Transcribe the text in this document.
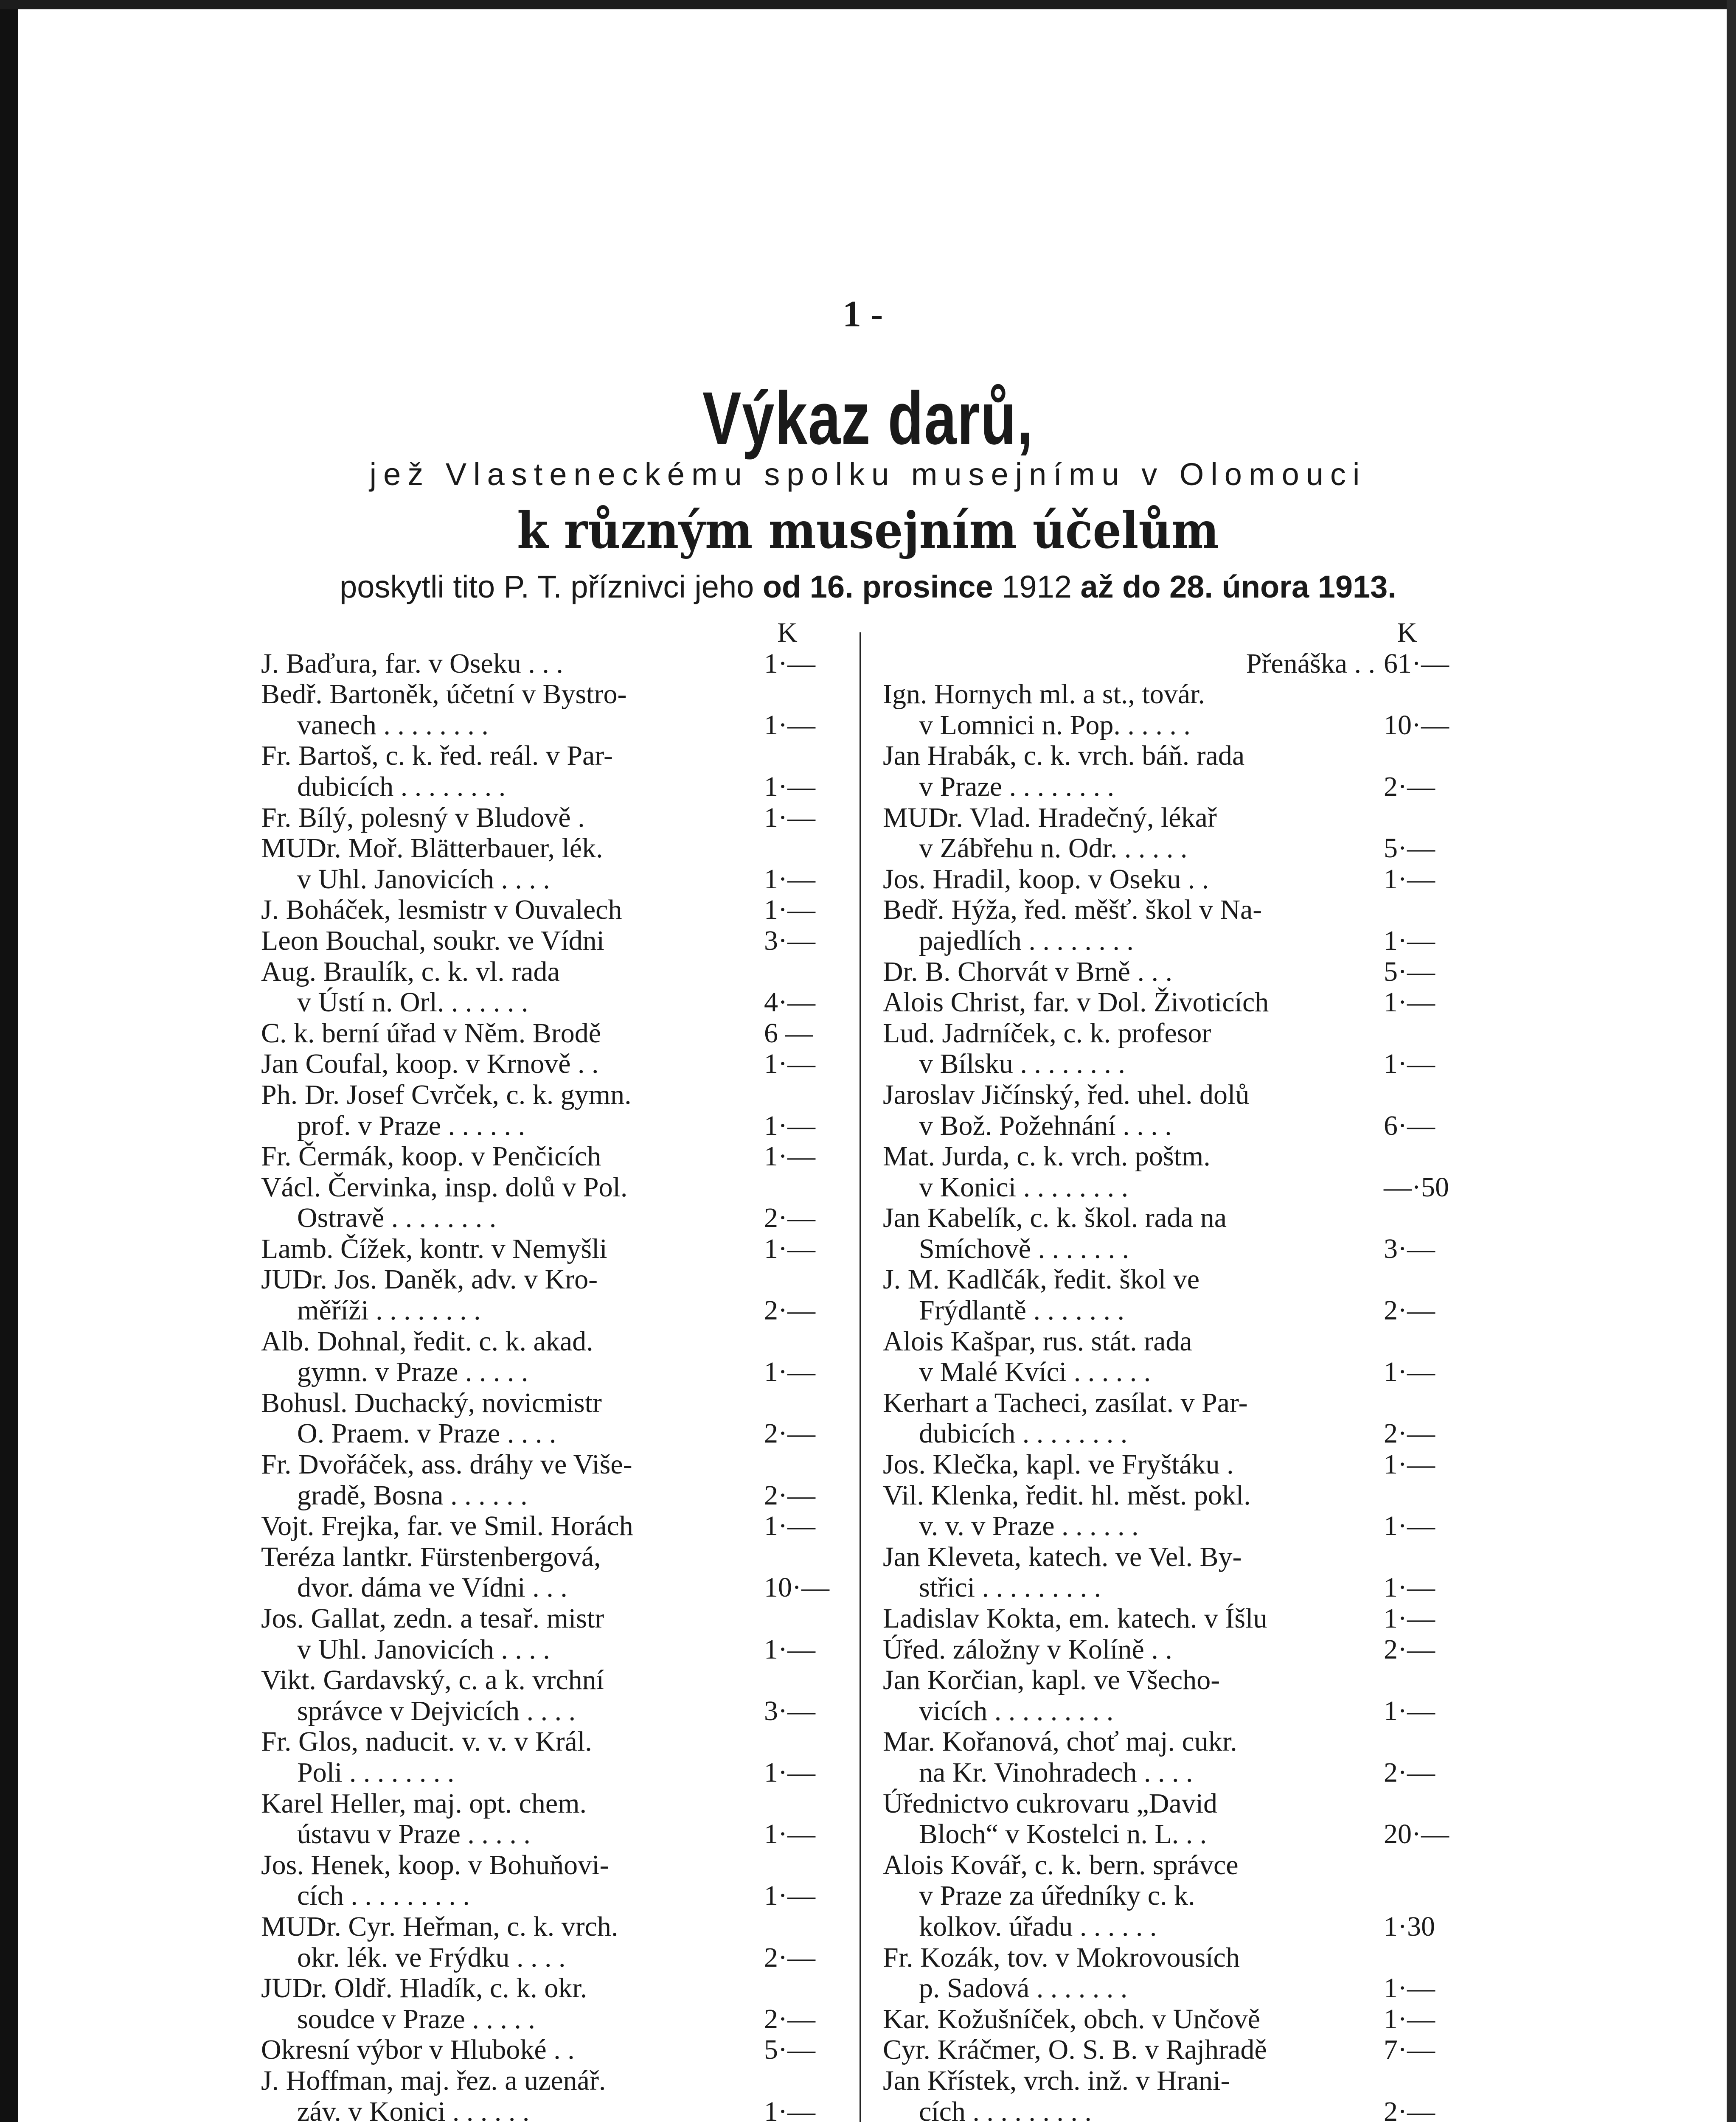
1 -
Výkaz darů,
jež Vlasteneckému spolku musejnímu v Olomouci
k různým musejním účelům
poskytli tito P. T. příznivci jeho od 16. prosince 1912 až do 28. února 1913.
K
J. Baďura, far. v Oseku . . .	1·—
Bedř. Bartoněk, účetní v Bystro-
vanech . . . . . . . .	1·—
Fr. Bartoš, c. k. řed. reál. v Par-
dubicích . . . . . . . .	1·—
Fr. Bílý, polesný v Bludově .	1·—
MUDr. Moř. Blätterbauer, lék.
v Uhl. Janovicích . . . .	1·—
J. Boháček, lesmistr v Ouvalech	1·—
Leon Bouchal, soukr. ve Vídni	3·—
Aug. Braulík, c. k. vl. rada
v Ústí n. Orl. . . . . . .	4·—
C. k. berní úřad v Něm. Brodě	6 —
Jan Coufal, koop. v Krnově . .	1·—
Ph. Dr. Josef Cvrček, c. k. gymn.
prof. v Praze . . . . . .	1·—
Fr. Čermák, koop. v Penčicích	1·—
Václ. Červinka, insp. dolů v Pol.
Ostravě . . . . . . . .	2·—
Lamb. Čížek, kontr. v Nemyšli	1·—
JUDr. Jos. Daněk, adv. v Kro-
měříži . . . . . . . .	2·—
Alb. Dohnal, ředit. c. k. akad.
gymn. v Praze . . . . .	1·—
Bohusl. Duchacký, novicmistr
O. Praem. v Praze . . . .	2·—
Fr. Dvořáček, ass. dráhy ve Više-
gradě, Bosna . . . . . .	2·—
Vojt. Frejka, far. ve Smil. Horách	1·—
Teréza lantkr. Fürstenbergová,
dvor. dáma ve Vídni . . .	10·—
Jos. Gallat, zedn. a tesař. mistr
v Uhl. Janovicích . . . .	1·—
Vikt. Gardavský, c. a k. vrchní
správce v Dejvicích . . . .	3·—
Fr. Glos, naducit. v. v. v Král.
Poli . . . . . . . .	1·—
Karel Heller, maj. opt. chem.
ústavu v Praze . . . . .	1·—
Jos. Henek, koop. v Bohuňovi-
cích . . . . . . . . .	1·—
MUDr. Cyr. Heřman, c. k. vrch.
okr. lék. ve Frýdku . . . .	2·—
JUDr. Oldř. Hladík, c. k. okr.
soudce v Praze . . . . .	2·—
Okresní výbor v Hluboké . .	5·—
J. Hoffman, maj. řez. a uzenář.
záv. v Konici . . . . . .	1·—
K
Přenáška . . 61·—
Ign. Hornych ml. a st., továr.
v Lomnici n. Pop. . . . . .	10·—
Jan Hrabák, c. k. vrch. báň. rada
v Praze . . . . . . . .	2·—
MUDr. Vlad. Hradečný, lékař
v Zábřehu n. Odr. . . . . .	5·—
Jos. Hradil, koop. v Oseku . .	1·—
Bedř. Hýža, řed. měšť. škol v Na-
pajedlích . . . . . . . .	1·—
Dr. B. Chorvát v Brně . . .	5·—
Alois Christ, far. v Dol. Životicích	1·—
Lud. Jadrníček, c. k. profesor
v Bílsku . . . . . . . .	1·—
Jaroslav Jičínský, řed. uhel. dolů
v Bož. Požehnání . . . .	6·—
Mat. Jurda, c. k. vrch. poštm.
v Konici . . . . . . . .	—·50
Jan Kabelík, c. k. škol. rada na
Smíchově . . . . . . .	3·—
J. M. Kadlčák, ředit. škol ve
Frýdlantě . . . . . . .	2·—
Alois Kašpar, rus. stát. rada
v Malé Kvíci . . . . . .	1·—
Kerhart a Tacheci, zasílat. v Par-
dubicích . . . . . . . .	2·—
Jos. Klečka, kapl. ve Fryštáku .	1·—
Vil. Klenka, ředit. hl. měst. pokl.
v. v. v Praze . . . . . .	1·—
Jan Kleveta, katech. ve Vel. By-
střici . . . . . . . . .	1·—
Ladislav Kokta, em. katech. v Íšlu	1·—
Úřed. záložny v Kolíně . .	2·—
Jan Korčian, kapl. ve Všecho-
vicích . . . . . . . . .	1·—
Mar. Kořanová, choť maj. cukr.
na Kr. Vinohradech . . . .	2·—
Úřednictvo cukrovaru „David
Bloch“ v Kostelci n. L. . .	20·—
Alois Kovář, c. k. bern. správce
v Praze za úředníky c. k.
kolkov. úřadu . . . . . .	1·30
Fr. Kozák, tov. v Mokrovousích
p. Sadová . . . . . . .	1·—
Kar. Kožušníček, obch. v Unčově	1·—
Cyr. Kráčmer, O. S. B. v Rajhradě	7·—
Jan Křístek, vrch. inž. v Hrani-
cích . . . . . . . . .	2·—
